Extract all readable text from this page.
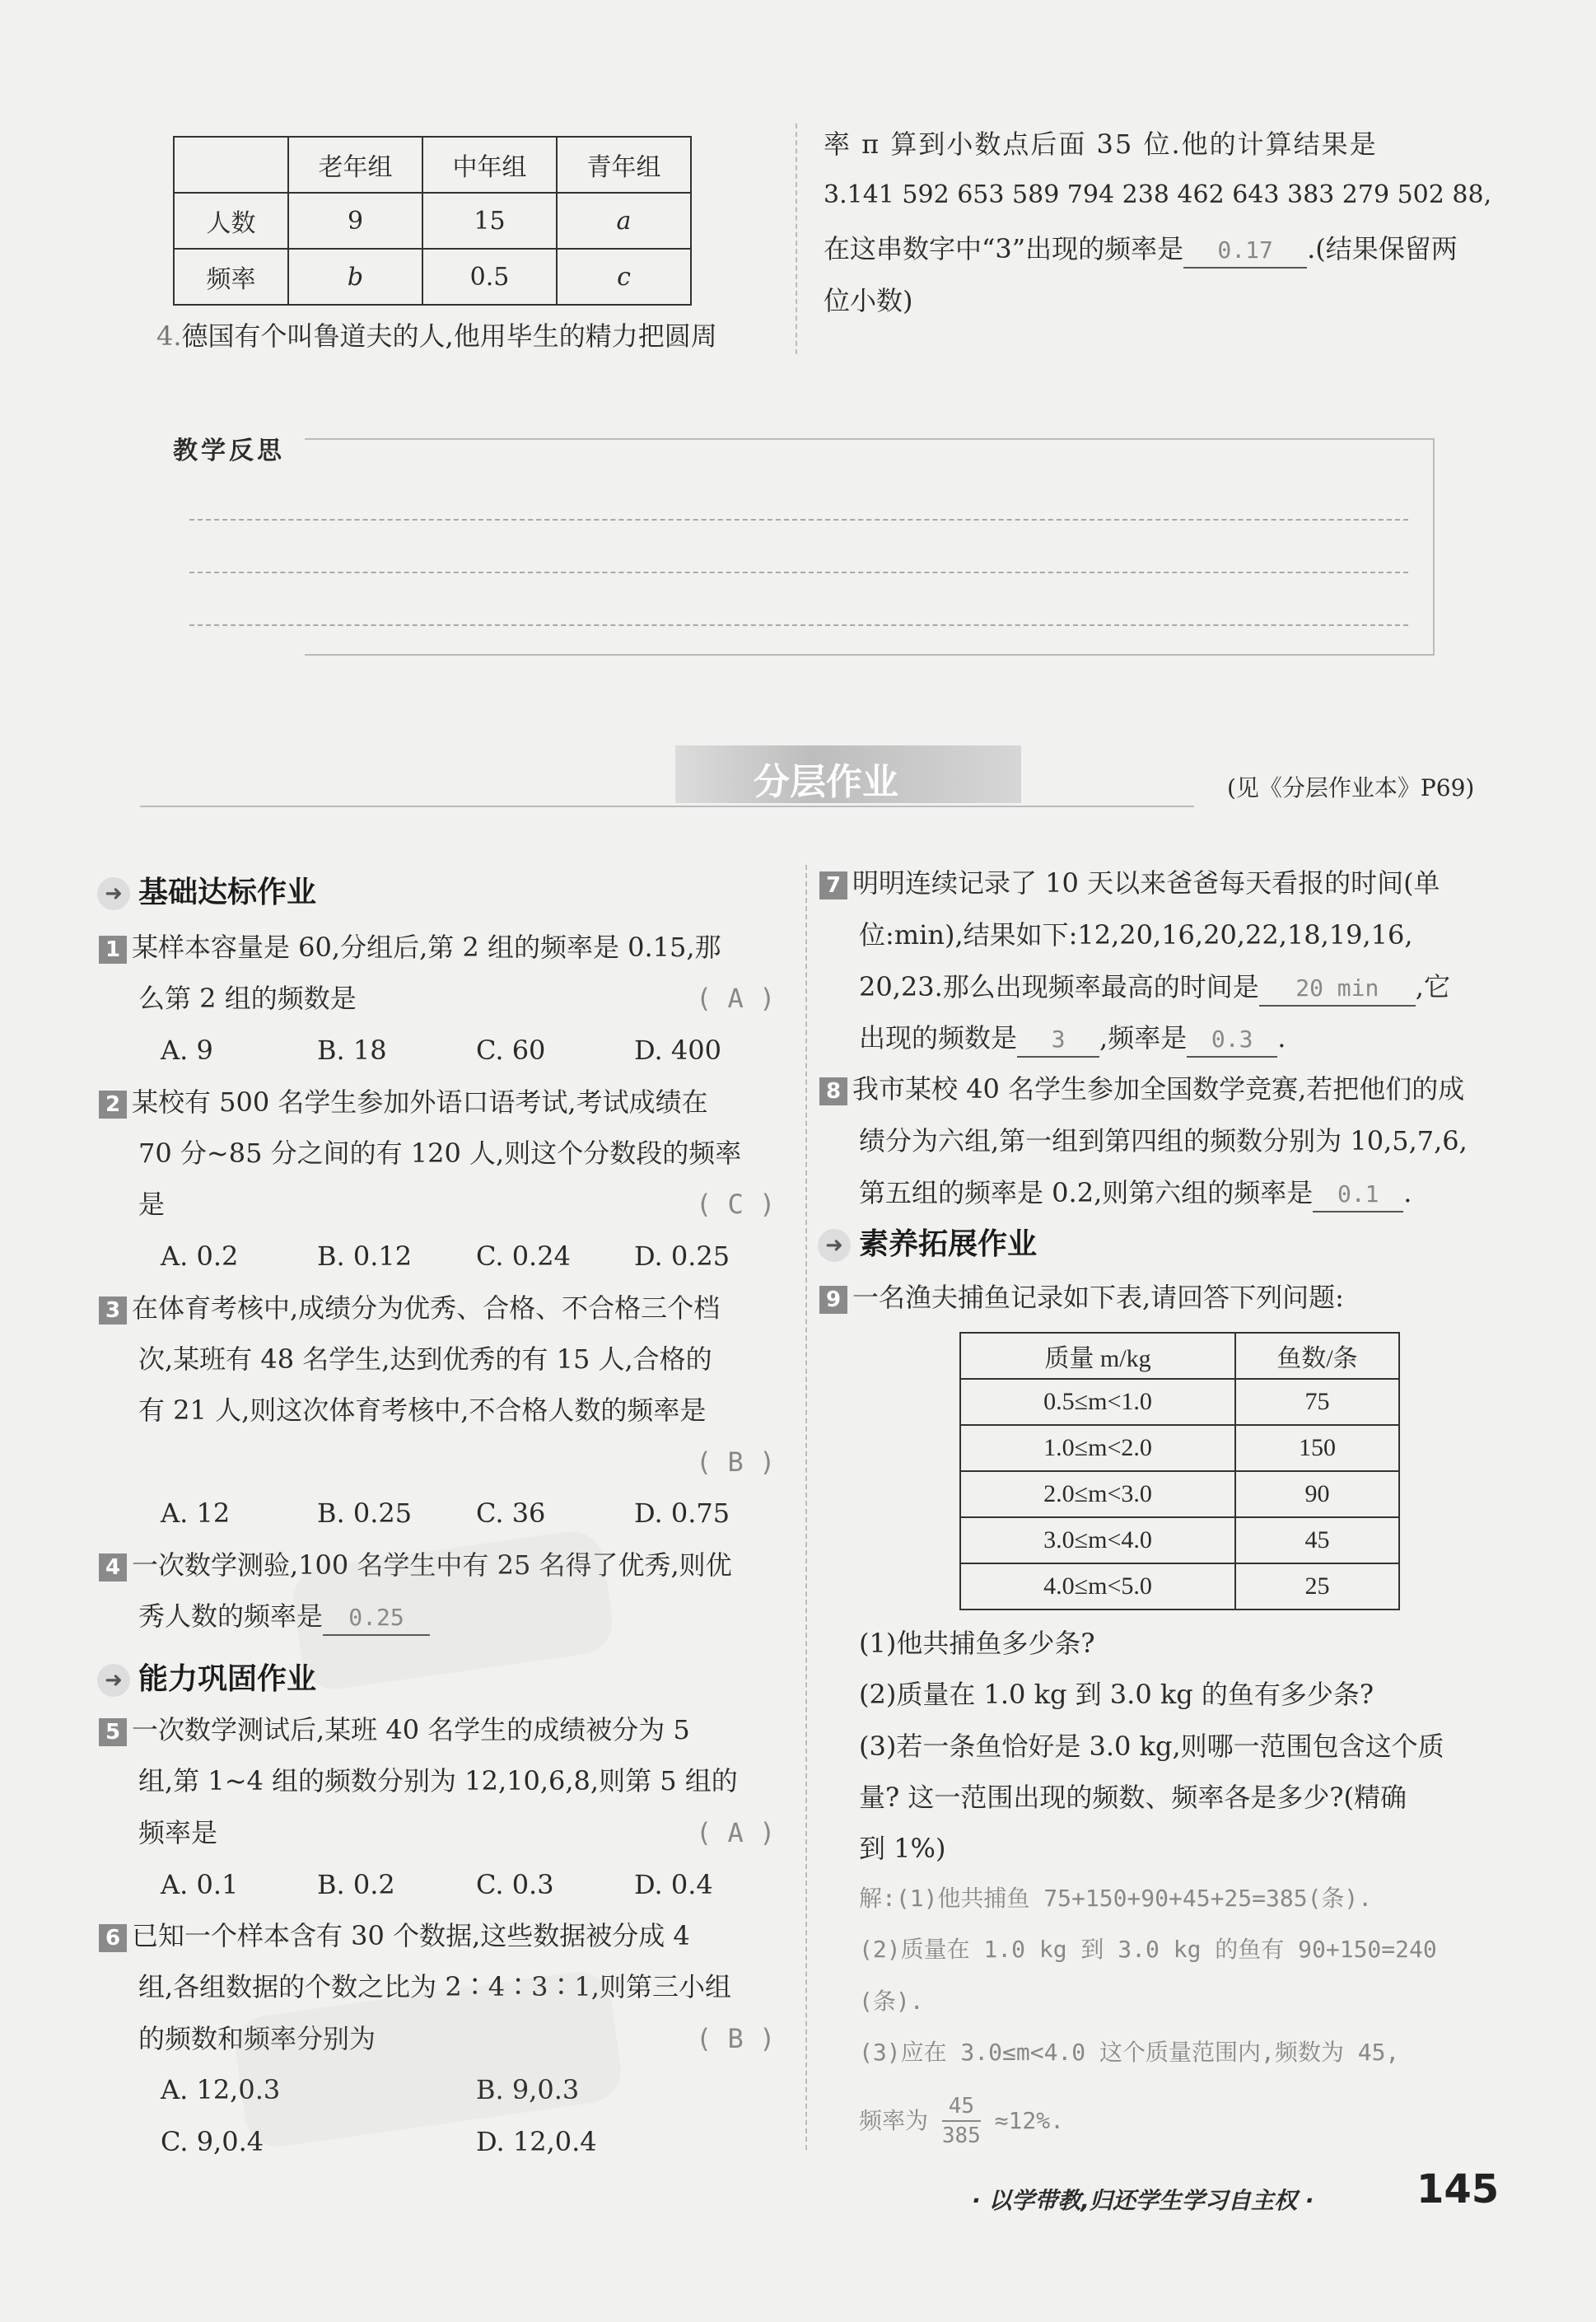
	老年组	中年组	青年组
人数	9	15	a
频率	b	0.5	c
4.德国有个叫鲁道夫的人,他用毕生的精力把圆周
率 π 算到小数点后面 35 位.他的计算结果是
3.141 592 653 589 794 238 462 643 383 279 502 88,
在这串数字中“3”出现的频率是 0.17 .(结果保留两
位小数)
教学反思
分层作业	(见《分层作业本》P69)
➜ 基础达标作业
1 某样本容量是 60,分组后,第 2 组的频率是 0.15,那
么第 2 组的频数是	( A )
A. 9	B. 18	C. 60	D. 400
2 某校有 500 名学生参加外语口语考试,考试成绩在
70 分~85 分之间的有 120 人,则这个分数段的频率
是	( C )
A. 0.2	B. 0.12 C. 0.24 D. 0.25
3 在体育考核中,成绩分为优秀、合格、不合格三个档
次,某班有 48 名学生,达到优秀的有 15 人,合格的
有 21 人,则这次体育考核中,不合格人数的频率是
( B )
A. 12	B. 0.25 C. 36	D. 0.75
4 一次数学测验,100 名学生中有 25 名得了优秀,则优
秀人数的频率是 0.25
➜ 能力巩固作业
5 一次数学测试后,某班 40 名学生的成绩被分为 5
组,第 1~4 组的频数分别为 12,10,6,8,则第 5 组的
频率是	( A )
A. 0.1	B. 0.2	C. 0.3	D. 0.4
6 已知一个样本含有 30 个数据,这些数据被分成 4
组,各组数据的个数之比为 2∶4∶3∶1,则第三小组
的频数和频率分别为	( B )
A. 12,0.3	B. 9,0.3
C. 9,0.4	D. 12,0.4
7 明明连续记录了 10 天以来爸爸每天看报的时间(单
位:min),结果如下:12,20,16,20,22,18,19,16,
20,23.那么出现频率最高的时间是 20 min ,它
出现的频数是 3 ,频率是 0.3 .
8 我市某校 40 名学生参加全国数学竞赛,若把他们的成
绩分为六组,第一组到第四组的频数分别为 10,5,7,6,
第五组的频率是 0.2,则第六组的频率是 0.1 .
➜ 素养拓展作业
9 一名渔夫捕鱼记录如下表,请回答下列问题:
质量 m/kg	鱼数/条
0.5≤m<1.0	75
1.0≤m<2.0	150
2.0≤m<3.0	90
3.0≤m<4.0	45
4.0≤m<5.0	25
(1)他共捕鱼多少条?
(2)质量在 1.0 kg 到 3.0 kg 的鱼有多少条?
(3)若一条鱼恰好是 3.0 kg,则哪一范围包含这个质
量? 这一范围出现的频数、频率各是多少?(精确
到 1%)
解:(1)他共捕鱼 75+150+90+45+25=385(条).
(2)质量在 1.0 kg 到 3.0 kg 的鱼有 90+150=240
(条).
(3)应在 3.0≤m<4.0 这个质量范围内,频数为 45,
频率为 $\frac{45}{385} \approx 12\%$.
· 以学带教,归还学生学习自主权 ·	145
